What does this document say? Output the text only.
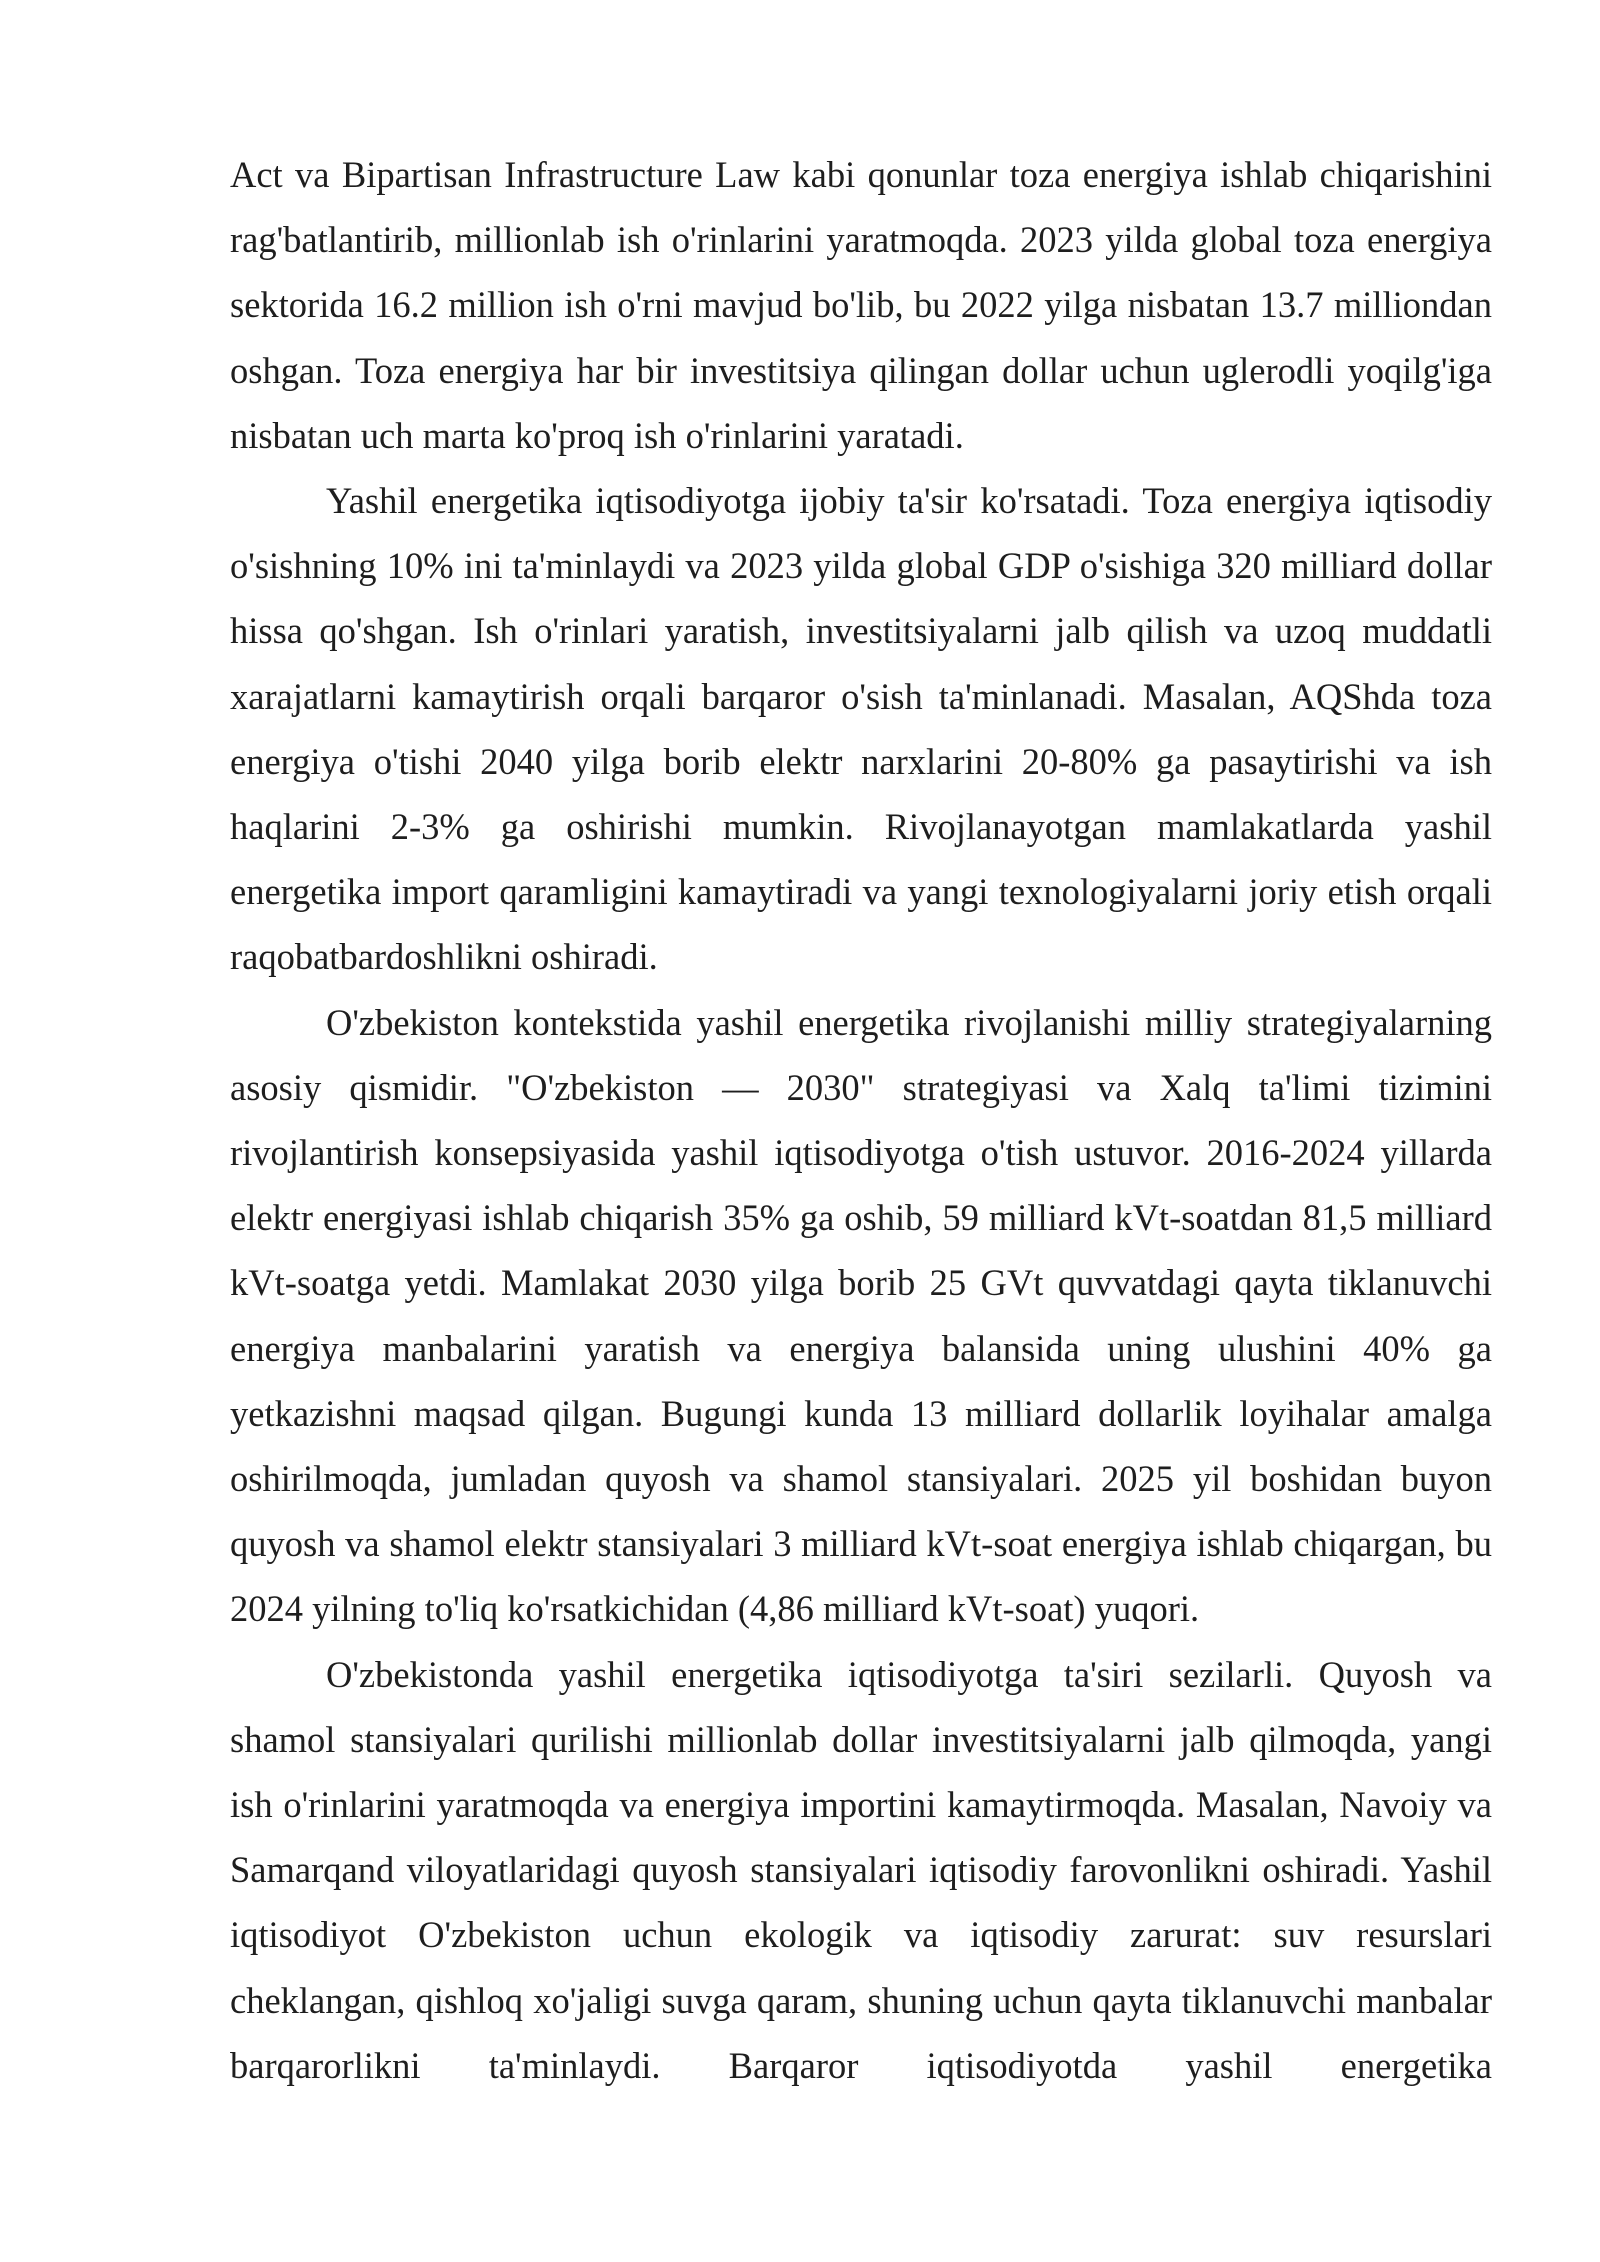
Act va Bipartisan Infrastructure Law kabi qonunlar toza energiya ishlab chiqarishini rag'batlantirib, millionlab ish o'rinlarini yaratmoqda. 2023 yilda global toza energiya sektorida 16.2 million ish o'rni mavjud bo'lib, bu 2022 yilga nisbatan 13.7 milliondan oshgan. Toza energiya har bir investitsiya qilingan dollar uchun uglerodli yoqilg'iga nisbatan uch marta ko'proq ish o'rinlarini yaratadi.

Yashil energetika iqtisodiyotga ijobiy ta'sir ko'rsatadi. Toza energiya iqtisodiy o'sishning 10% ini ta'minlaydi va 2023 yilda global GDP o'sishiga 320 milliard dollar hissa qo'shgan. Ish o'rinlari yaratish, investitsiyalarni jalb qilish va uzoq muddatli xarajatlarni kamaytirish orqali barqaror o'sish ta'minlanadi. Masalan, AQShda toza energiya o'tishi 2040 yilga borib elektr narxlarini 20-80% ga pasaytirishi va ish haqlarini 2-3% ga oshirishi mumkin. Rivojlanayotgan mamlakatlarda yashil energetika import qaramligini kamaytiradi va yangi texnologiyalarni joriy etish orqali raqobatbardoshlikni oshiradi.

O'zbekiston kontekstida yashil energetika rivojlanishi milliy strategiyalarning asosiy qismidir. "O'zbekiston — 2030" strategiyasi va Xalq ta'limi tizimini rivojlantirish konsepsiyasida yashil iqtisodiyotga o'tish ustuvor. 2016-2024 yillarda elektr energiyasi ishlab chiqarish 35% ga oshib, 59 milliard kVt-soatdan 81,5 milliard kVt-soatga yetdi. Mamlakat 2030 yilga borib 25 GVt quvvatdagi qayta tiklanuvchi energiya manbalarini yaratish va energiya balansida uning ulushini 40% ga yetkazishni maqsad qilgan. Bugungi kunda 13 milliard dollarlik loyihalar amalga oshirilmoqda, jumladan quyosh va shamol stansiyalari. 2025 yil boshidan buyon quyosh va shamol elektr stansiyalari 3 milliard kVt-soat energiya ishlab chiqargan, bu 2024 yilning to'liq ko'rsatkichidan (4,86 milliard kVt-soat) yuqori.

O'zbekistonda yashil energetika iqtisodiyotga ta'siri sezilarli. Quyosh va shamol stansiyalari qurilishi millionlab dollar investitsiyalarni jalb qilmoqda, yangi ish o'rinlarini yaratmoqda va energiya importini kamaytirmoqda. Masalan, Navoiy va Samarqand viloyatlaridagi quyosh stansiyalari iqtisodiy farovonlikni oshiradi. Yashil iqtisodiyot O'zbekiston uchun ekologik va iqtisodiy zarurat: suv resurslari cheklangan, qishloq xo'jaligi suvga qaram, shuning uchun qayta tiklanuvchi manbalar barqarorlikni ta'minlaydi. Barqaror iqtisodiyotda yashil energetika
